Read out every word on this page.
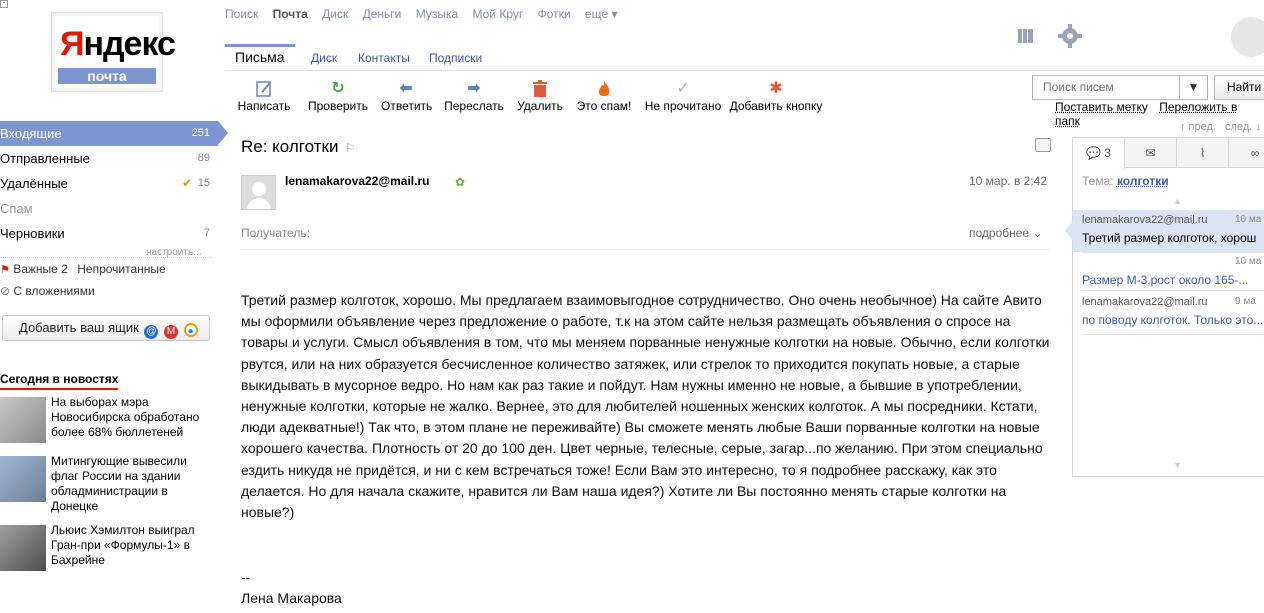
-
Яндекс
почта
Входящие	251
Отправленные	89
Удалённые	✔ 15
Спам
Черновики	7
настроить...
⚑ Важные 2 Непрочитанные
⊘ С вложениями
Добавить ваш ящик @ M ●
Сегодня в новостях
На выборах мэра Новосибирска обработано более 68% бюллетеней
Митингующие вывесили флаг России на здании обладминистрации в Донецке
Льюис Хэмилтон выиграл Гран-при «Формулы-1» в Бахрейне
Поиск Почта Диск Деньги Музыка Мой Круг Фотки ещё ▾
Письма	Диск Контакты Подписки
Написать
↻
Проверить
⬅
Ответить
➡
Переслать Удалить Это спам!
✓
Не прочитано
✱
Добавить кнопку
Поиск писем	▼	Найти
Поставить метку Переложить в папк
Re: колготки ⚐
lenamakarova22@mail.ru ✿	10 мар. в 2:42
Получатель:	подробнее ⌄
Третий размер колготок, хорошо. Мы предлагаем взаимовыгодное сотрудничество. Оно очень необычное) На сайте Авито мы оформили объявление через предложение о работе, т.к на этом сайте нельзя размещать объявления о спросе на товары и услуги. Смысл объявления в том, что мы меняем порванные ненужные колготки на новые. Обычно, если колготки рвутся, или на них образуется бесчисленное количество затяжек, или стрелок то приходится покупать новые, а старые выкидывать в мусорное ведро. Но нам как раз такие и пойдут. Нам нужны именно не новые, а бывшие в употреблении, ненужные колготки, которые не жалко. Вернее, это для любителей ношенных женских колготок. А мы посредники. Кстати, люди адекватные!) Так что, в этом плане не переживайте) Вы сможете менять любые Ваши порванные колготки на новые хорошего качества. Плотность от 20 до 100 ден. Цвет черные, телесные, серые, загар...по желанию. При этом специально ездить никуда не придётся, и ни с кем встречаться тоже! Если Вам это интересно, то я подробнее расскажу, как это делается. Но для начала скажите, нравится ли Вам наша идея?) Хотите ли Вы постоянно менять старые колготки на новые?)
--
Лена Макарова
↑ пред. след. ↓
💬 3	✉	⌇	∞
Тема: колготки
▲
lenamakarova22@mail.ru	10 ма
Третий размер колготок, хорош
10 ма
Размер М-3,рост около 165-...
lenamakarova22@mail.ru	9 ма
по поводу колготок. Только это...
▼
